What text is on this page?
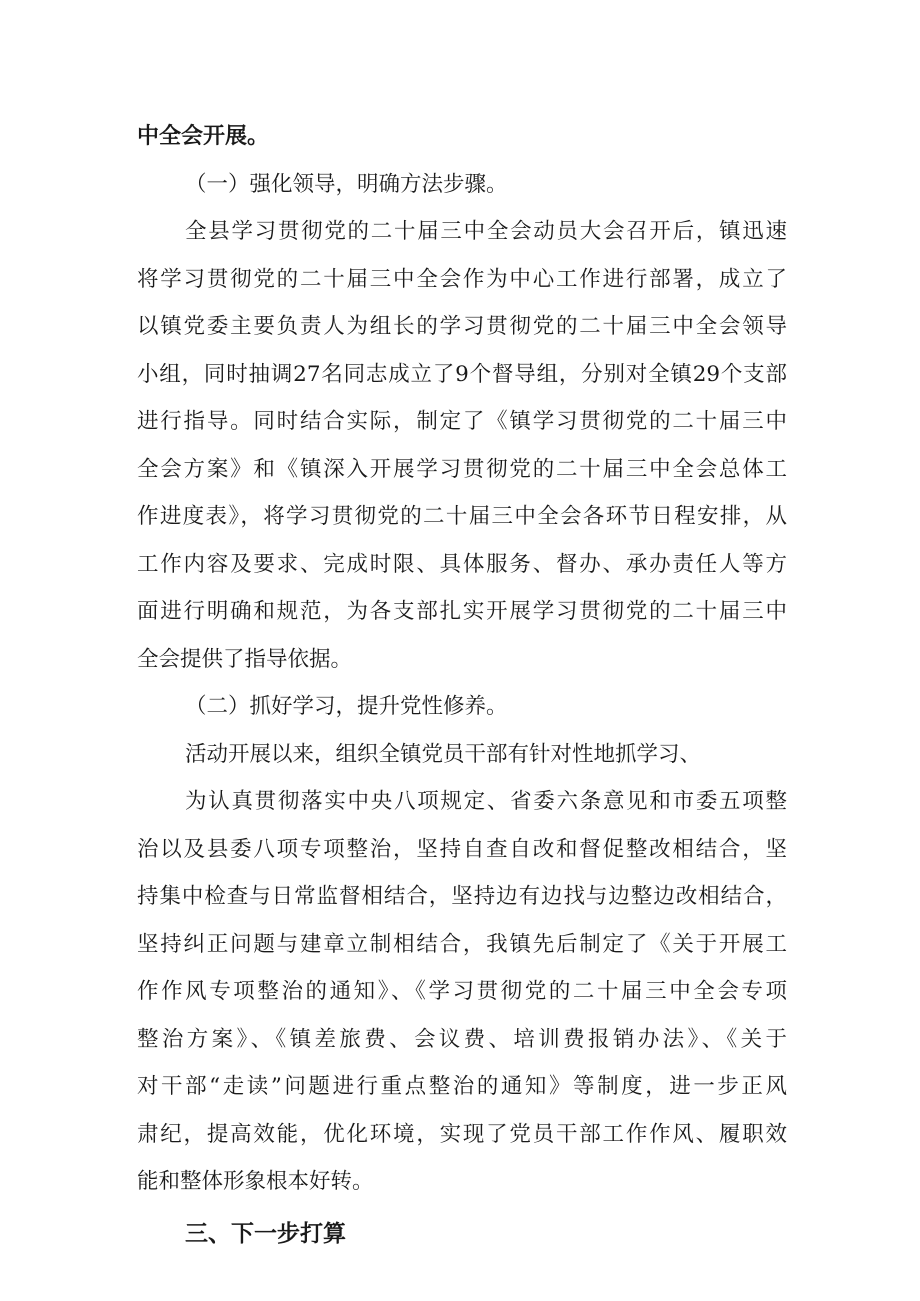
中全会开展。
（一）强化领导，明确方法步骤。
全县学习贯彻党的二十届三中全会动员大会召开后，镇迅速
将学习贯彻党的二十届三中全会作为中心工作进行部署，成立了
以镇党委主要负责人为组长的学习贯彻党的二十届三中全会领导
小组，同时抽调27名同志成立了9个督导组，分别对全镇29个支部
进行指导。同时结合实际，制定了《镇学习贯彻党的二十届三中
全会方案》和《镇深入开展学习贯彻党的二十届三中全会总体工
作进度表》，将学习贯彻党的二十届三中全会各环节日程安排，从
工作内容及要求、完成时限、具体服务、督办、承办责任人等方
面进行明确和规范，为各支部扎实开展学习贯彻党的二十届三中
全会提供了指导依据。
（二）抓好学习，提升党性修养。
活动开展以来，组织全镇党员干部有针对性地抓学习、
为认真贯彻落实中央八项规定、省委六条意见和市委五项整
治以及县委八项专项整治，坚持自查自改和督促整改相结合，坚
持集中检查与日常监督相结合，坚持边有边找与边整边改相结合，
坚持纠正问题与建章立制相结合，我镇先后制定了《关于开展工
作作风专项整治的通知》、《学习贯彻党的二十届三中全会专项
整治方案》、《镇差旅费、会议费、培训费报销办法》、《关于
对干部“走读”问题进行重点整治的通知》等制度，进一步正风
肃纪，提高效能，优化环境，实现了党员干部工作作风、履职效
能和整体形象根本好转。
三、下一步打算
